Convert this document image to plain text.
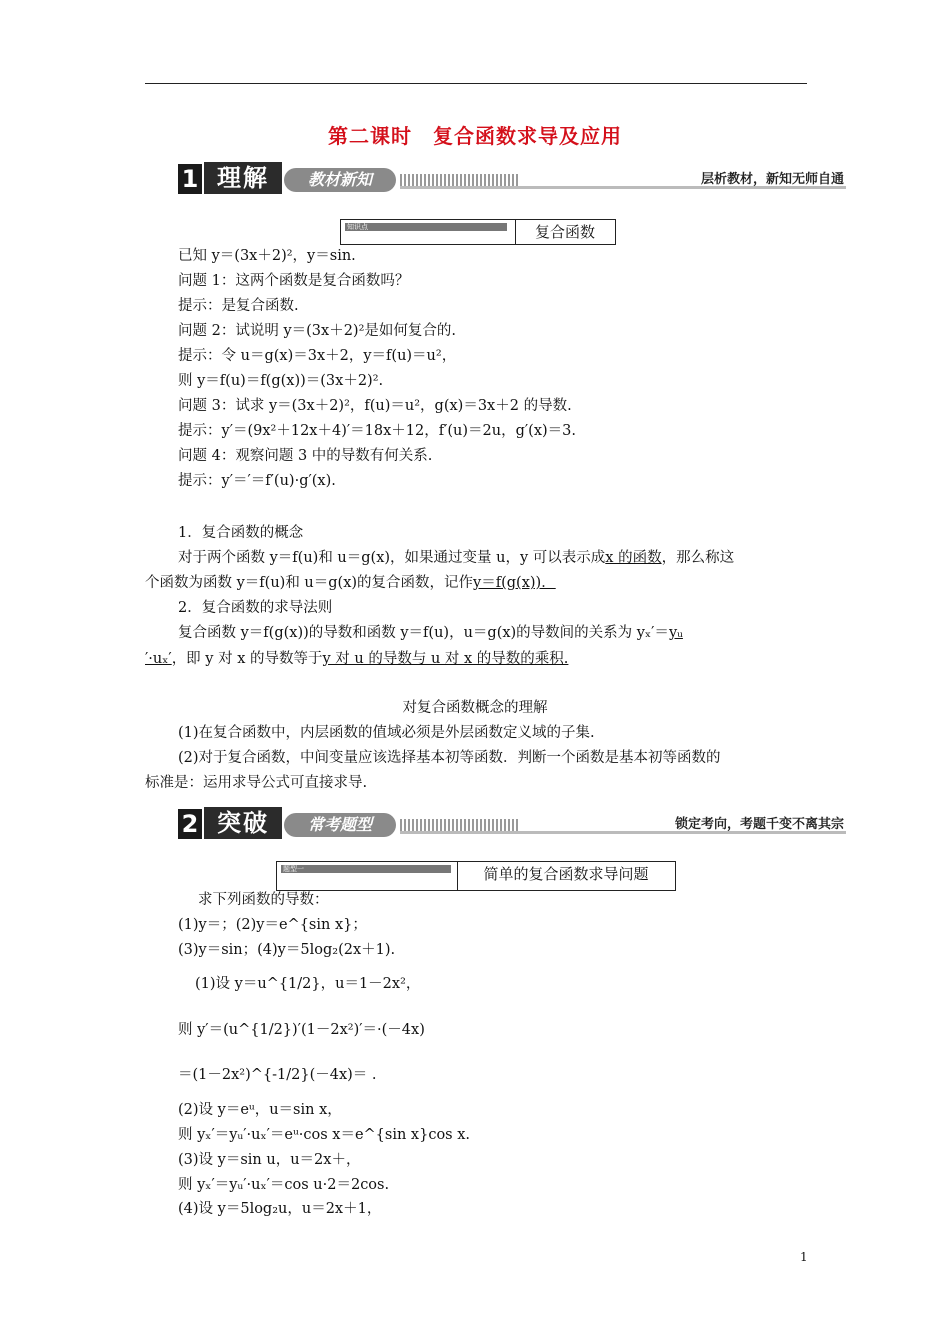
第二课时　复合函数求导及应用
1 理解	教材新知	层析教材，新知无师自通
知识点	复合函数
已知 y＝(3x＋2)²，y＝sin.
问题 1：这两个函数是复合函数吗？
提示：是复合函数.
问题 2：试说明 y＝(3x＋2)²是如何复合的.
提示：令 u＝g(x)＝3x＋2，y＝f(u)＝u²，
则 y＝f(u)＝f(g(x))＝(3x＋2)².
问题 3：试求 y＝(3x＋2)²，f(u)＝u²，g(x)＝3x＋2 的导数.
提示：y′＝(9x²＋12x＋4)′＝18x＋12，f′(u)＝2u，g′(x)＝3.
问题 4：观察问题 3 中的导数有何关系.
提示：y′＝′＝f′(u)·g′(x).
1．复合函数的概念
对于两个函数 y＝f(u)和 u＝g(x)，如果通过变量 u，y 可以表示成x 的函数，那么称这
个函数为函数 y＝f(u)和 u＝g(x)的复合函数，记作y＝f(g(x))．
2．复合函数的求导法则
复合函数 y＝f(g(x))的导数和函数 y＝f(u)，u＝g(x)的导数间的关系为 yₓ′＝yᵤ
′·uₓ′，即 y 对 x 的导数等于y 对 u 的导数与 u 对 x 的导数的乘积.
对复合函数概念的理解
(1)在复合函数中，内层函数的值域必须是外层函数定义域的子集.
(2)对于复合函数，中间变量应该选择基本初等函数．判断一个函数是基本初等函数的
标准是：运用求导公式可直接求导.
2 突破	常考题型	锁定考向，考题千变不离其宗
题型一	简单的复合函数求导问题
求下列函数的导数：
(1)y＝；(2)y＝e^{sin x}；
(3)y＝sin；(4)y＝5log₂(2x＋1).
(1)设 y＝u^{1/2}，u＝1－2x²，
则 y′＝(u^{1/2})′(1－2x²)′＝·(－4x)
＝(1－2x²)^{-1/2}(－4x)＝ .
(2)设 y＝eᵘ，u＝sin x，
则 yₓ′＝yᵤ′·uₓ′＝eᵘ·cos x＝e^{sin x}cos x.
(3)设 y＝sin u，u＝2x＋，
则 yₓ′＝yᵤ′·uₓ′＝cos u·2＝2cos.
(4)设 y＝5log₂u，u＝2x＋1，
1
